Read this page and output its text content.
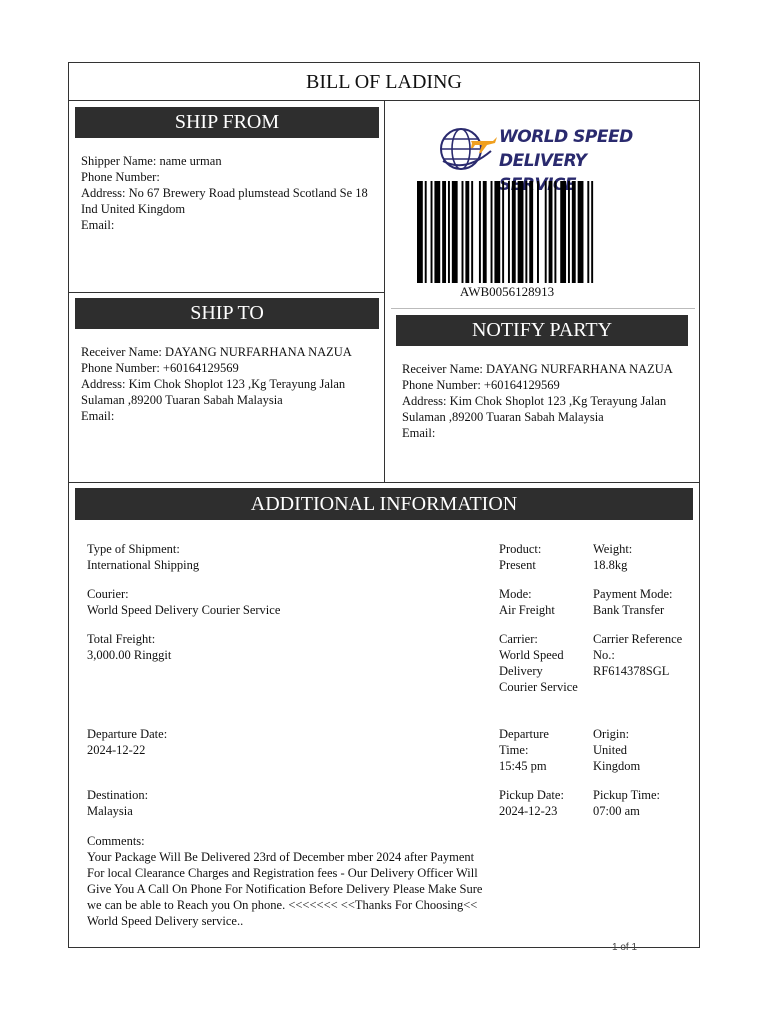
BILL OF LADING
SHIP FROM
Shipper Name: name urman
Phone Number:
Address: No 67 Brewery Road plumstead Scotland Se 18 Ind United Kingdom
Email:
SHIP TO
Receiver Name: DAYANG NURFARHANA NAZUA
Phone Number: +60164129569
Address: Kim Chok Shoplot 123 ,Kg Terayung Jalan Sulaman ,89200 Tuaran Sabah Malaysia
Email:
WORLD SPEED
DELIVERY
AWB0056128913
NOTIFY PARTY
Receiver Name: DAYANG NURFARHANA NAZUA
Phone Number: +60164129569
Address: Kim Chok Shoplot 123 ,Kg Terayung Jalan Sulaman ,89200 Tuaran Sabah Malaysia
Email:
ADDITIONAL INFORMATION
Type of Shipment:
International Shipping
Courier:
World Speed Delivery Courier Service
Total Freight:
3,000.00 Ringgit
Departure Date:
2024-12-22
Destination:
Malaysia
Comments:
Your Package Will Be Delivered 23rd of December mber 2024 after Payment For local Clearance Charges and Registration fees - Our Delivery Officer Will Give You A Call On Phone For Notification Before Delivery Please Make Sure we can be able to Reach you On phone. <<<<<<< <<Thanks For Choosing<< World Speed Delivery service..
Product:
Present
Mode:
Air Freight
Carrier:
World Speed Delivery Courier Service
Departure Time:
15:45 pm
Pickup Date:
2024-12-23
Weight:
18.8kg
Payment Mode:
Bank Transfer
Carrier Reference No.:
RF614378SGL
Origin:
United Kingdom
Pickup Time:
07:00 am
1 of 1
